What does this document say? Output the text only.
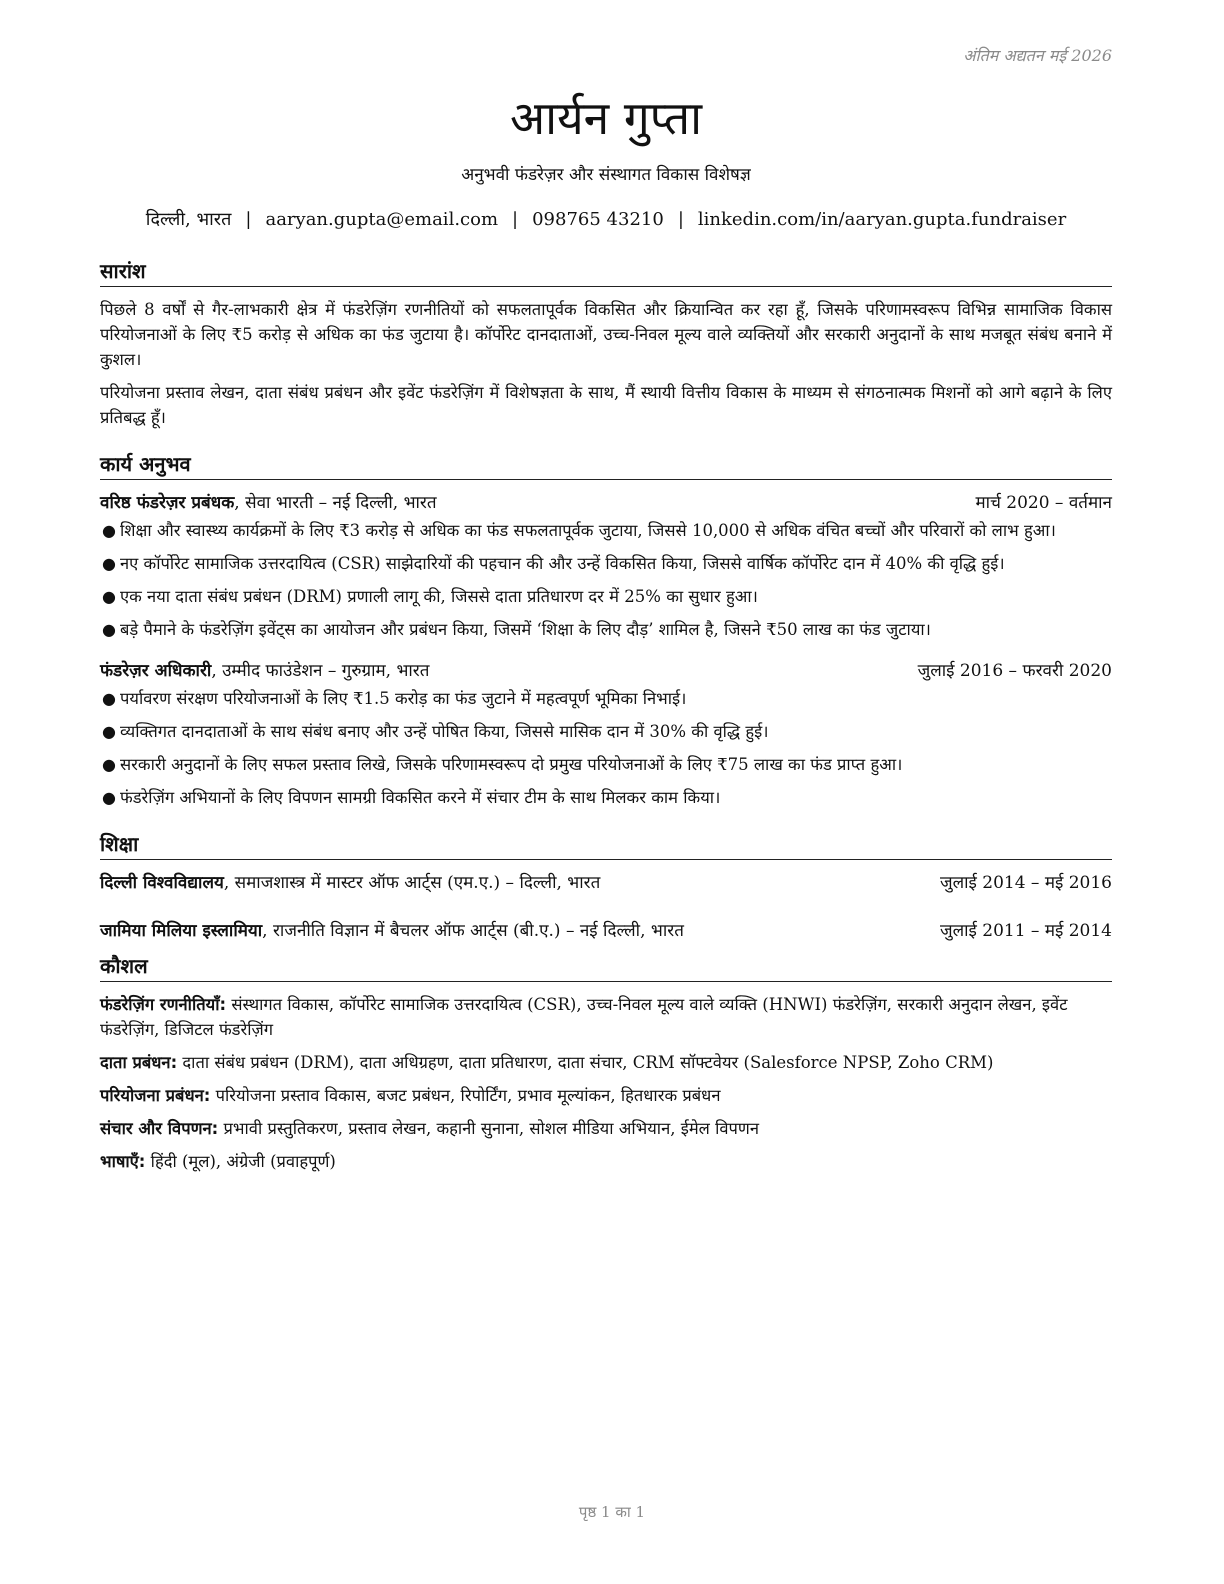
अंतिम अद्यतन मई 2026
आर्यन गुप्ता
अनुभवी फंडरेज़र और संस्थागत विकास विशेषज्ञ
दिल्ली, भारत | aaryan.gupta@email.com | 098765 43210 | linkedin.com/in/aaryan.gupta.fundraiser
सारांश

पिछले 8 वर्षों से गैर-लाभकारी क्षेत्र में फंडरेज़िंग रणनीतियों को सफलतापूर्वक विकसित और क्रियान्वित कर रहा हूँ, जिसके परिणामस्वरूप विभिन्न सामाजिक विकास परियोजनाओं के लिए ₹5 करोड़ से अधिक का फंड जुटाया है। कॉर्पोरेट दानदाताओं, उच्च-निवल मूल्य वाले व्यक्तियों और सरकारी अनुदानों के साथ मजबूत संबंध बनाने में कुशल।

परियोजना प्रस्ताव लेखन, दाता संबंध प्रबंधन और इवेंट फंडरेज़िंग में विशेषज्ञता के साथ, मैं स्थायी वित्तीय विकास के माध्यम से संगठनात्मक मिशनों को आगे बढ़ाने के लिए प्रतिबद्ध हूँ।

कार्य अनुभव
वरिष्ठ फंडरेज़र प्रबंधक, सेवा भारती – नई दिल्ली, भारत	मार्च 2020 – वर्तमान
● शिक्षा और स्वास्थ्य कार्यक्रमों के लिए ₹3 करोड़ से अधिक का फंड सफलतापूर्वक जुटाया, जिससे 10,000 से अधिक वंचित बच्चों और परिवारों को लाभ हुआ।
● नए कॉर्पोरेट सामाजिक उत्तरदायित्व (CSR) साझेदारियों की पहचान की और उन्हें विकसित किया, जिससे वार्षिक कॉर्पोरेट दान में 40% की वृद्धि हुई।
● एक नया दाता संबंध प्रबंधन (DRM) प्रणाली लागू की, जिससे दाता प्रतिधारण दर में 25% का सुधार हुआ।
● बड़े पैमाने के फंडरेज़िंग इवेंट्स का आयोजन और प्रबंधन किया, जिसमें ‘शिक्षा के लिए दौड़’ शामिल है, जिसने ₹50 लाख का फंड जुटाया।
फंडरेज़र अधिकारी, उम्मीद फाउंडेशन – गुरुग्राम, भारत	जुलाई 2016 – फरवरी 2020
● पर्यावरण संरक्षण परियोजनाओं के लिए ₹1.5 करोड़ का फंड जुटाने में महत्वपूर्ण भूमिका निभाई।
● व्यक्तिगत दानदाताओं के साथ संबंध बनाए और उन्हें पोषित किया, जिससे मासिक दान में 30% की वृद्धि हुई।
● सरकारी अनुदानों के लिए सफल प्रस्ताव लिखे, जिसके परिणामस्वरूप दो प्रमुख परियोजनाओं के लिए ₹75 लाख का फंड प्राप्त हुआ।
● फंडरेज़िंग अभियानों के लिए विपणन सामग्री विकसित करने में संचार टीम के साथ मिलकर काम किया।
शिक्षा
दिल्ली विश्वविद्यालय, समाजशास्त्र में मास्टर ऑफ आर्ट्स (एम.ए.) – दिल्ली, भारत	जुलाई 2014 – मई 2016
जामिया मिलिया इस्लामिया, राजनीति विज्ञान में बैचलर ऑफ आर्ट्स (बी.ए.) – नई दिल्ली, भारत	जुलाई 2011 – मई 2014
कौशल
फंडरेज़िंग रणनीतियाँ: संस्थागत विकास, कॉर्पोरेट सामाजिक उत्तरदायित्व (CSR), उच्च-निवल मूल्य वाले व्यक्ति (HNWI) फंडरेज़िंग, सरकारी अनुदान लेखन, इवेंट फंडरेज़िंग, डिजिटल फंडरेज़िंग
दाता प्रबंधन: दाता संबंध प्रबंधन (DRM), दाता अधिग्रहण, दाता प्रतिधारण, दाता संचार, CRM सॉफ्टवेयर (Salesforce NPSP, Zoho CRM)
परियोजना प्रबंधन: परियोजना प्रस्ताव विकास, बजट प्रबंधन, रिपोर्टिंग, प्रभाव मूल्यांकन, हितधारक प्रबंधन
संचार और विपणन: प्रभावी प्रस्तुतिकरण, प्रस्ताव लेखन, कहानी सुनाना, सोशल मीडिया अभियान, ईमेल विपणन
भाषाएँ: हिंदी (मूल), अंग्रेजी (प्रवाहपूर्ण)
पृष्ठ 1 का 1
